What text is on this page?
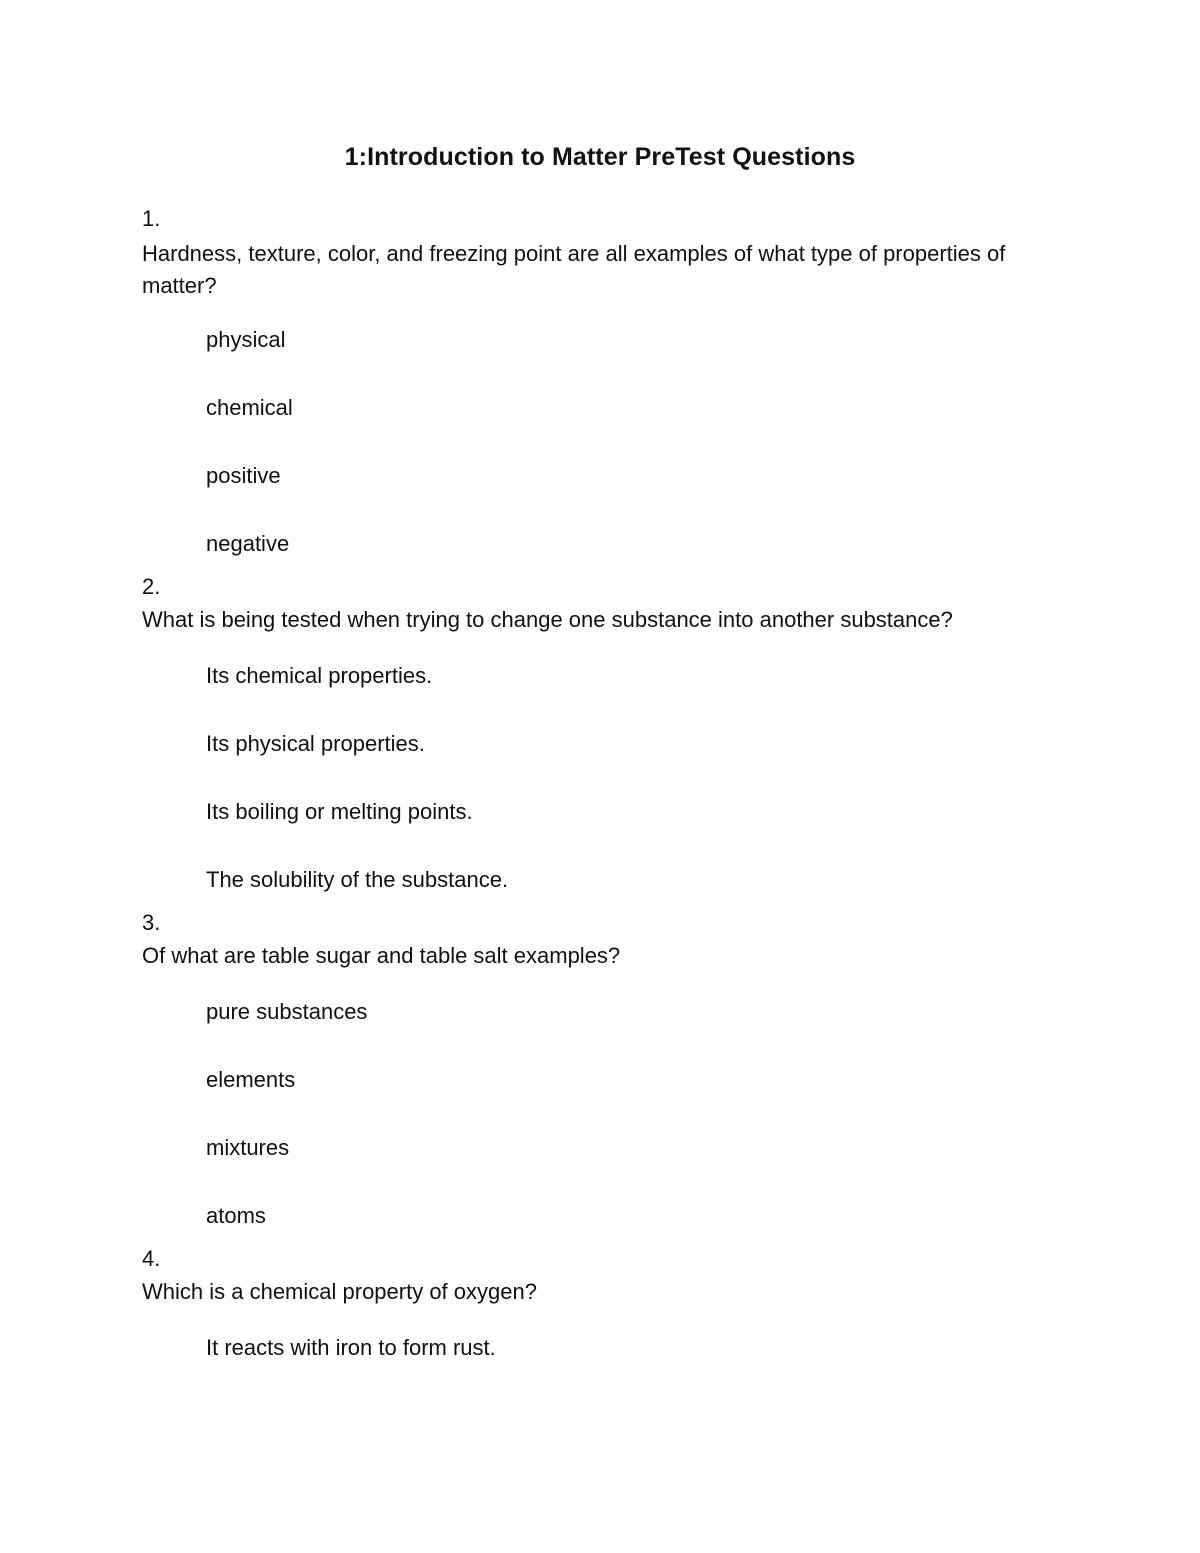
1:Introduction to Matter PreTest Questions
1.
Hardness, texture, color, and freezing point are all examples of what type of properties of matter?
physical
chemical
positive
negative
2.
What is being tested when trying to change one substance into another substance?
Its chemical properties.
Its physical properties.
Its boiling or melting points.
The solubility of the substance.
3.
Of what are table sugar and table salt examples?
pure substances
elements
mixtures
atoms
4.
Which is a chemical property of oxygen?
It reacts with iron to form rust.
